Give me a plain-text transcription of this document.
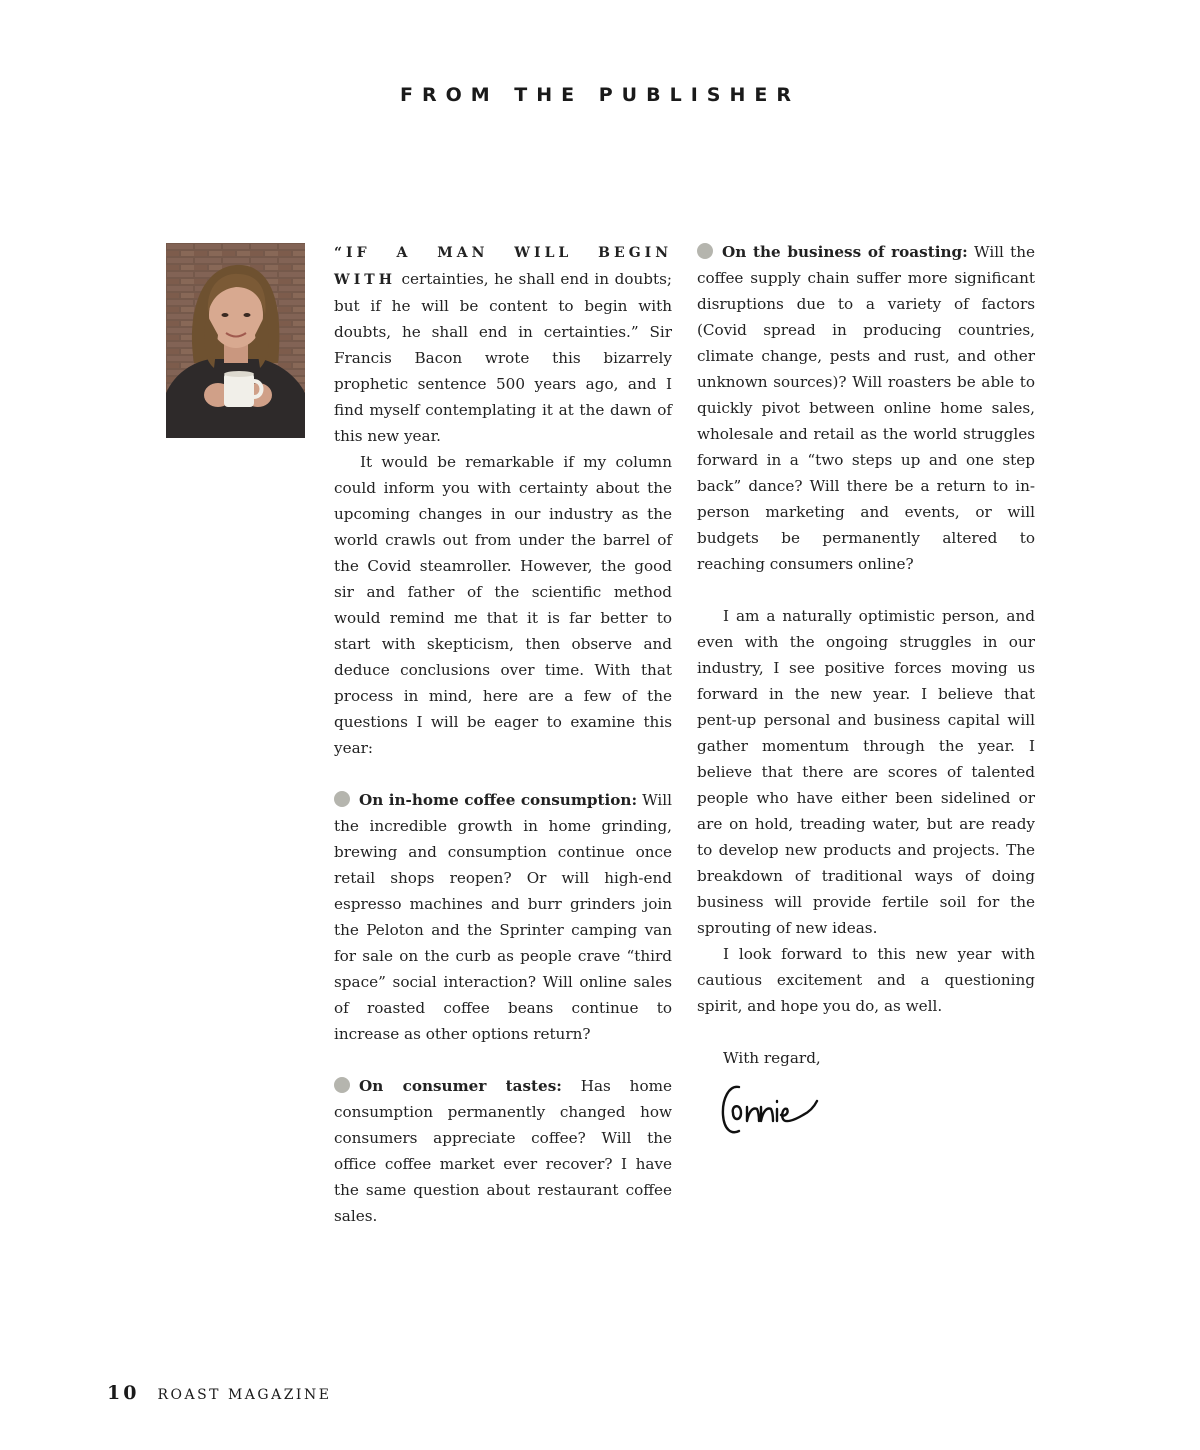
FROM THE PUBLISHER

“IF A MAN WILL BEGIN WITH certainties, he shall end in doubts; but if he will be content to begin with doubts, he shall end in certainties.” Sir Francis Bacon wrote this bizarrely prophetic sentence 500 years ago, and I find myself contemplating it at the dawn of this new year.

It would be remarkable if my column could inform you with certainty about the upcoming changes in our industry as the world crawls out from under the barrel of the Covid steamroller. However, the good sir and father of the scientific method would remind me that it is far better to start with skepticism, then observe and deduce conclusions over time. With that process in mind, here are a few of the questions I will be eager to examine this year:

On in-home coffee consumption: Will the incredible growth in home grinding, brewing and consumption continue once retail shops reopen? Or will high-end espresso machines and burr grinders join the Peloton and the Sprinter camping van for sale on the curb as people crave “third space” social interaction? Will online sales of roasted coffee beans continue to increase as other options return?

On consumer tastes: Has home consumption permanently changed how consumers appreciate coffee? Will the office coffee market ever recover? I have the same question about restaurant coffee sales.

On the business of roasting: Will the coffee supply chain suffer more significant disruptions due to a variety of factors (Covid spread in producing countries, climate change, pests and rust, and other unknown sources)? Will roasters be able to quickly pivot between online home sales, wholesale and retail as the world struggles forward in a “two steps up and one step back” dance? Will there be a return to in-person marketing and events, or will budgets be permanently altered to reaching consumers online?

I am a naturally optimistic person, and even with the ongoing struggles in our industry, I see positive forces moving us forward in the new year. I believe that pent-up personal and business capital will gather momentum through the year. I believe that there are scores of talented people who have either been sidelined or are on hold, treading water, but are ready to develop new products and projects. The breakdown of traditional ways of doing business will provide fertile soil for the sprouting of new ideas.

I look forward to this new year with cautious excitement and a questioning spirit, and hope you do, as well.

With regard,

10 ROAST MAGAZINE
